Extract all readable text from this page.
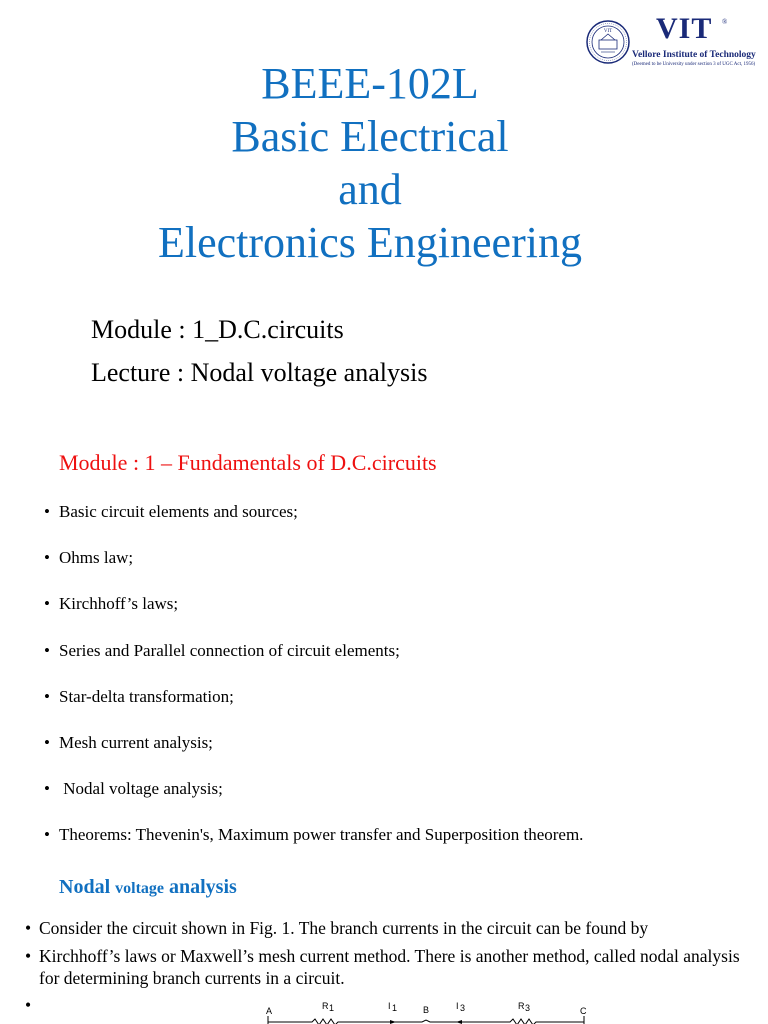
VIT VIT ®
Vellore Institute of Technology
(Deemed to be University under section 3 of UGC Act, 1956)
BEEE-102L
Basic Electrical
and
Electronics Engineering
Module : 1_D.C.circuits
Lecture : Nodal voltage analysis
Module : 1 – Fundamentals of D.C.circuits
• Basic circuit elements and sources;
• Ohms law;
• Kirchhoff’s laws;
• Series and Parallel connection of circuit elements;
• Star-delta transformation;
• Mesh current analysis;
• Nodal voltage analysis;
• Theorems: Thevenin's, Maximum power transfer and Superposition theorem.
Nodal voltage analysis
• Consider the circuit shown in Fig. 1. The branch currents in the circuit can be found by
• Kirchhoff’s laws or Maxwell’s mesh current method. There is another method, called nodal analysis for determining branch currents in a circuit.
•	A	R 1	I 1	B	I 3	R 3	C
